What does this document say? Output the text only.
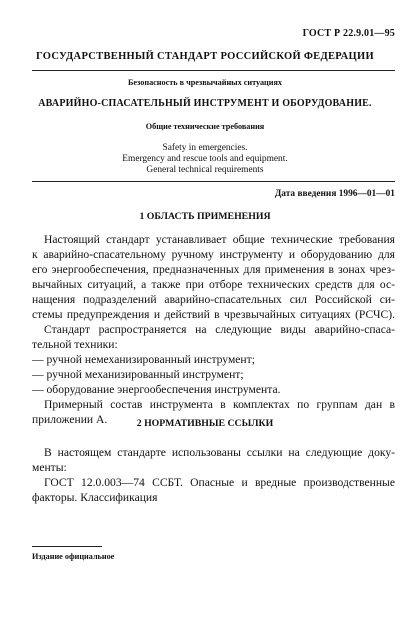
ГОСТ Р 22.9.01—95
ГОСУДАРСТВЕННЫЙ СТАНДАРТ РОССИЙСКОЙ ФЕДЕРАЦИИ
Безопасность в чрезвычайных ситуациях
АВАРИЙНО-СПАСАТЕЛЬНЫЙ ИНСТРУМЕНТ И ОБОРУДОВАНИЕ.
Общие технические требования
Safety in emergencies.
Emergency and rescue tools and equipment.
General technical requirements
Дата введения 1996—01—01
1 ОБЛАСТЬ ПРИМЕНЕНИЯ
Настоящий стандарт устанавливает общие технические требования
к аварийно-спасательному ручному инструменту и оборудованию для
его энергообеспечения, предназначенных для применения в зонах чрез-
вычайных ситуаций, а также при отборе технических средств для ос-
нащения подразделений аварийно-спасательных сил Российской си-
стемы предупреждения и действий в чрезвычайных ситуациях (РСЧС).
Стандарт распространяется на следующие виды аварийно-спаса-
тельной техники:
— ручной немеханизированный инструмент;
— ручной механизированный инструмент;
— оборудование энергообеспечения инструмента.
Примерный состав инструмента в комплектах по группам дан в
приложении А.	2 НОРМАТИВНЫЕ ССЫЛКИ
В настоящем стандарте использованы ссылки на следующие доку-
менты:
ГОСТ 12.0.003—74 ССБТ. Опасные и вредные производственные
факторы. Классификация
Издание официальное
